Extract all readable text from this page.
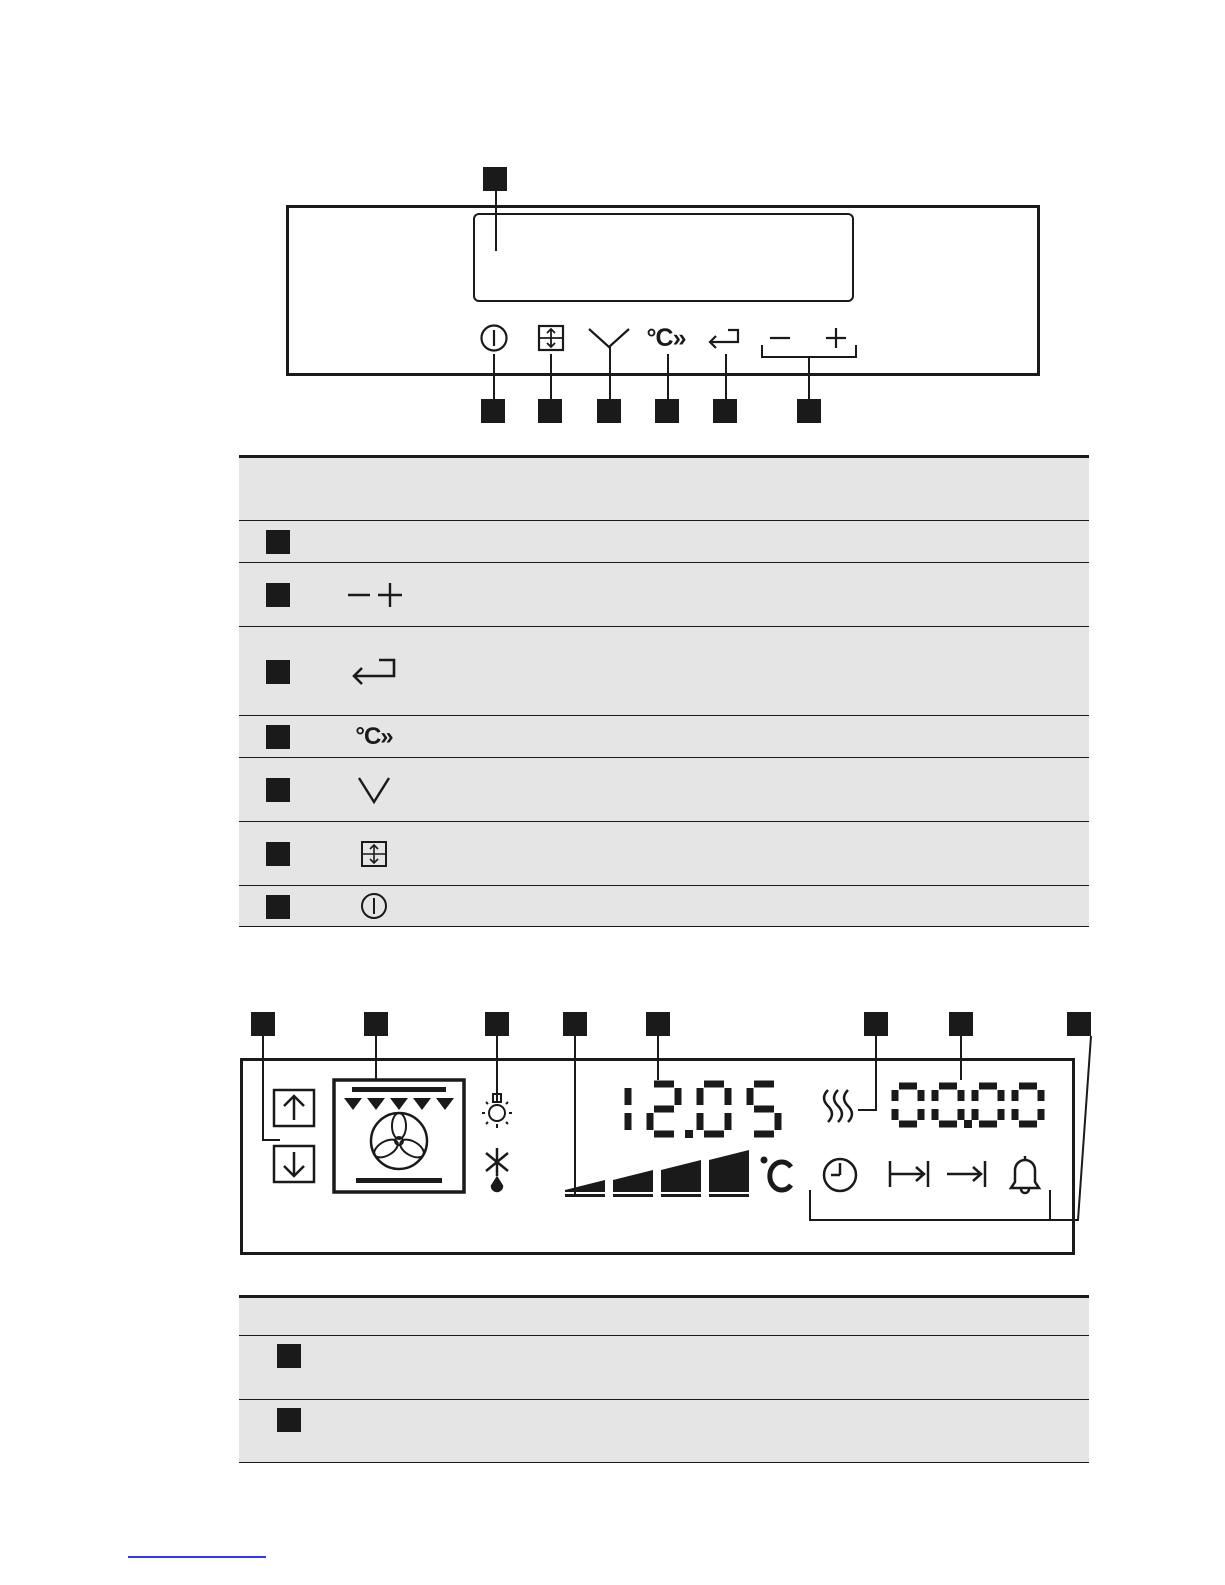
°C»
°C»
